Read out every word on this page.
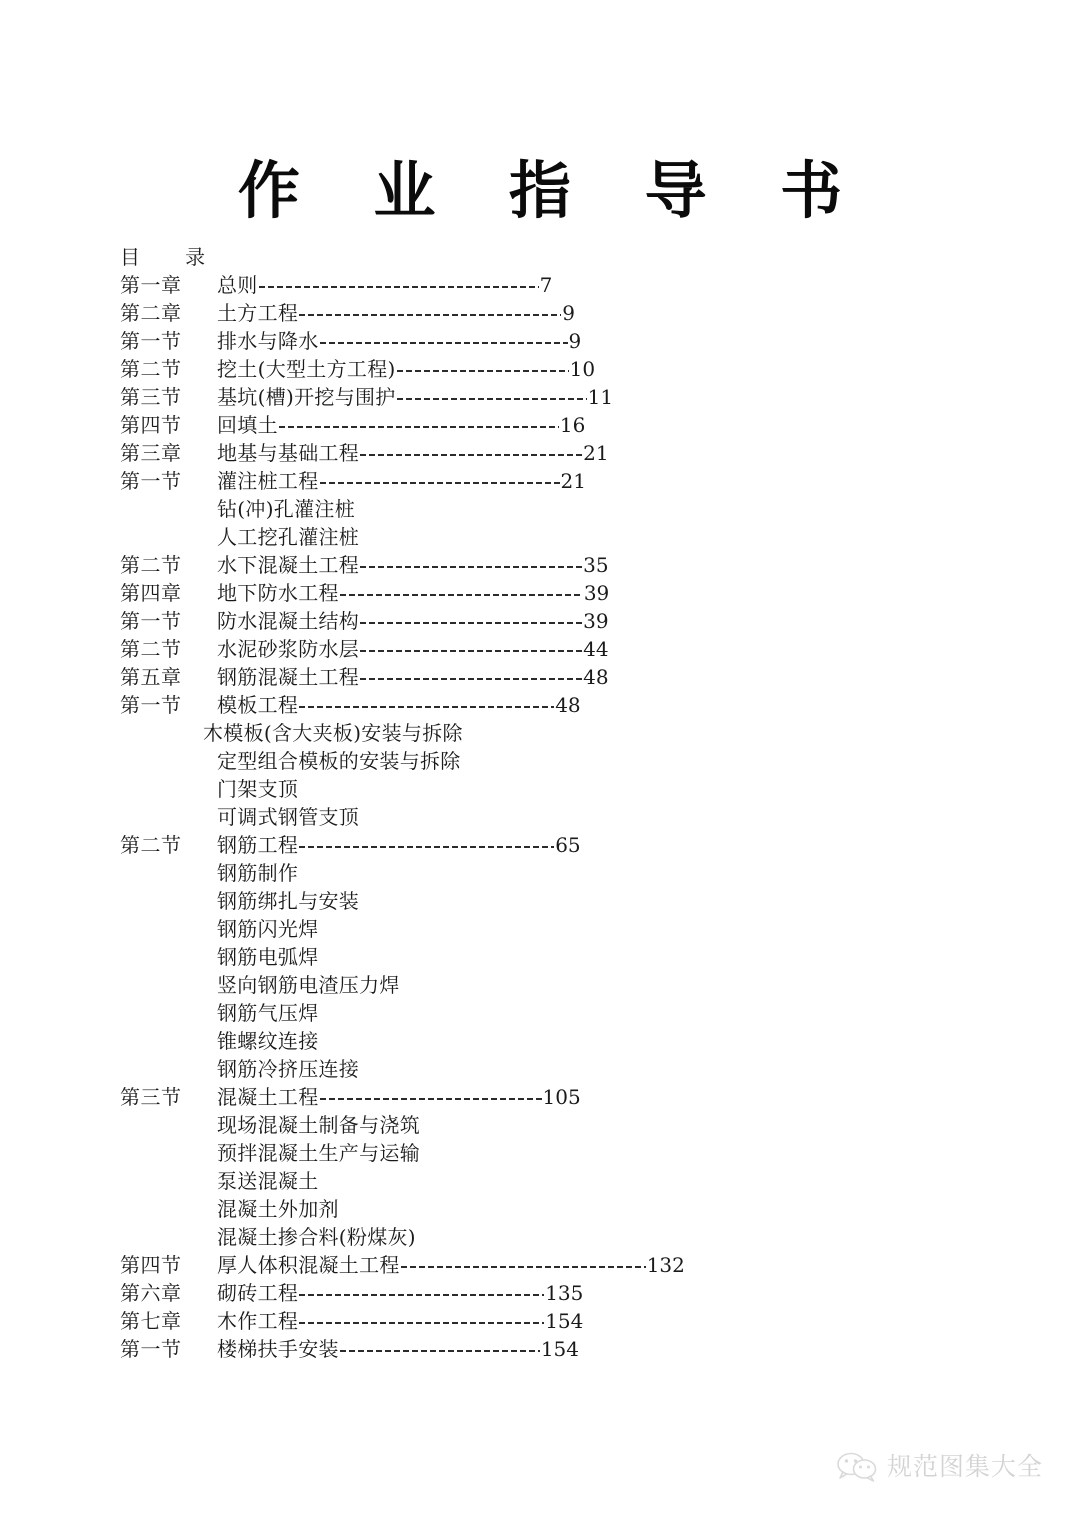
作 业 指 导 书
目      录
第一章	总则	7
第二章	土方工程	9
第一节	排水与降水	9
第二节	挖土(大型土方工程)	10
第三节	基坑(槽)开挖与围护	11
第四节	回填土	16
第三章	地基与基础工程	21
第一节	灌注桩工程	21
钻(冲)孔灌注桩
人工挖孔灌注桩
第二节	水下混凝土工程	35
第四章	地下防水工程	39
第一节	防水混凝土结构	39
第二节	水泥砂浆防水层	44
第五章	钢筋混凝土工程	48
第一节	模板工程	48
木模板(含大夹板)安装与拆除
定型组合模板的安装与拆除
门架支顶
可调式钢管支顶
第二节	钢筋工程	65
钢筋制作
钢筋绑扎与安装
钢筋闪光焊
钢筋电弧焊
竖向钢筋电渣压力焊
钢筋气压焊
锥螺纹连接
钢筋冷挤压连接
第三节	混凝土工程	105
现场混凝土制备与浇筑
预拌混凝土生产与运输
泵送混凝土
混凝土外加剂
混凝土掺合料(粉煤灰)
第四节	厚人体积混凝土工程	132
第六章	砌砖工程	135
第七章	木作工程	154
第一节	楼梯扶手安装	154
规范图集大全
